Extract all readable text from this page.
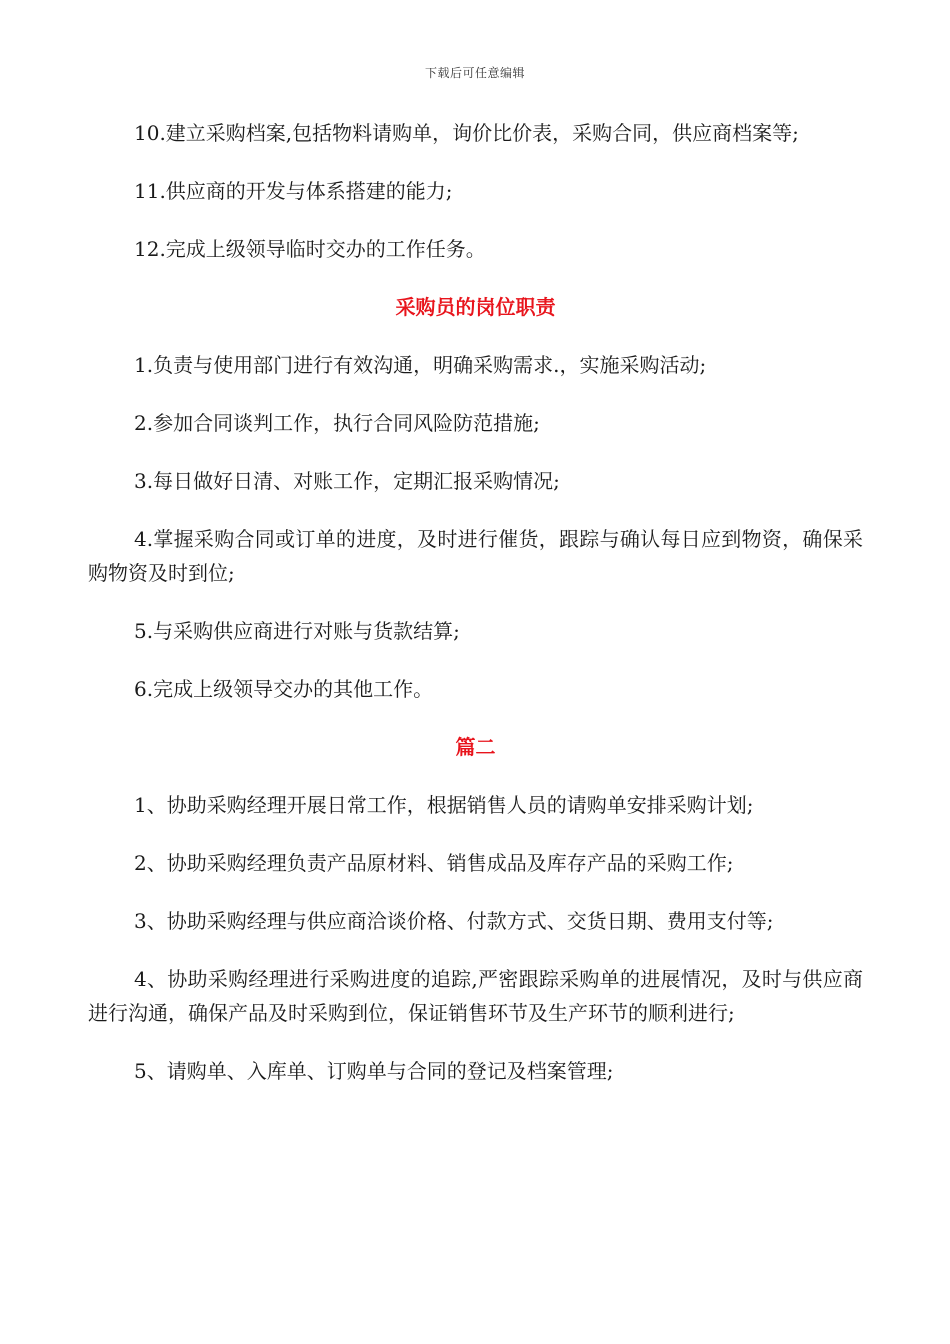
下载后可任意编辑

10.建立采购档案,包括物料请购单，询价比价表，采购合同，供应商档案等;

11.供应商的开发与体系搭建的能力;

12.完成上级领导临时交办的工作任务。

采购员的岗位职责

1.负责与使用部门进行有效沟通，明确采购需求.，实施采购活动;

2.参加合同谈判工作，执行合同风险防范措施;

3.每日做好日清、对账工作，定期汇报采购情况;

4.掌握采购合同或订单的进度，及时进行催货，跟踪与确认每日应到物资，确保采购物资及时到位;

5.与采购供应商进行对账与货款结算;

6.完成上级领导交办的其他工作。

篇二

1、协助采购经理开展日常工作，根据销售人员的请购单安排采购计划;

2、协助采购经理负责产品原材料、销售成品及库存产品的采购工作;

3、协助采购经理与供应商洽谈价格、付款方式、交货日期、费用支付等;

4、协助采购经理进行采购进度的追踪,严密跟踪采购单的进展情况，及时与供应商进行沟通，确保产品及时采购到位，保证销售环节及生产环节的顺利进行;

5、请购单、入库单、订购单与合同的登记及档案管理;
